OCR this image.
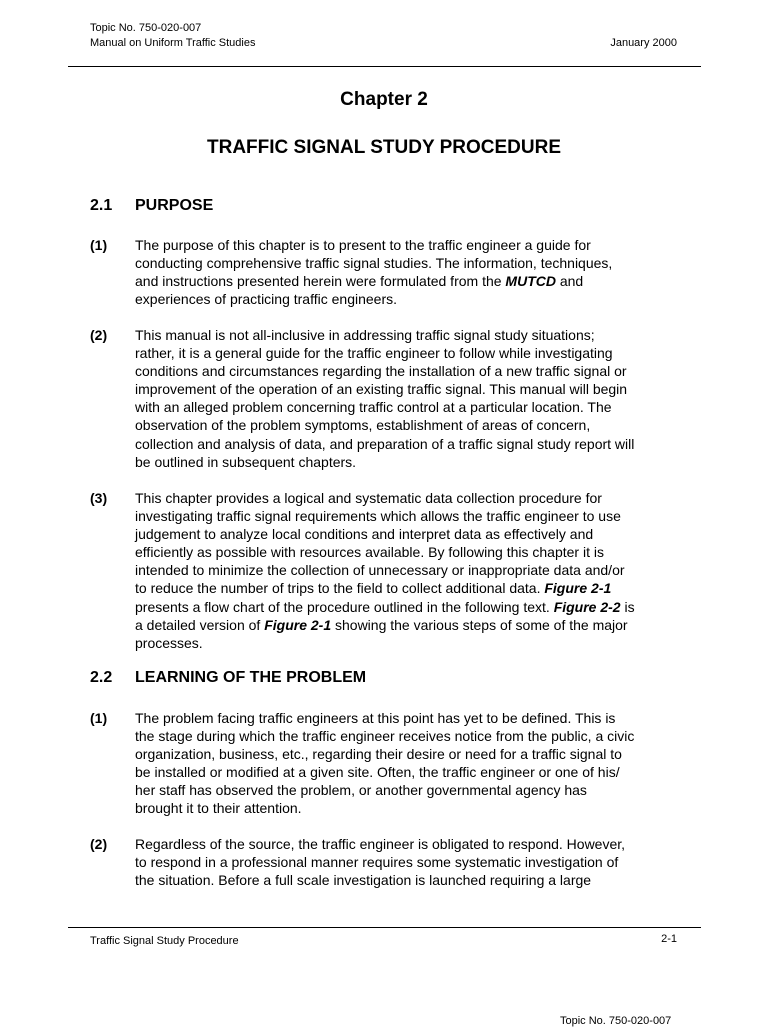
Topic No. 750-020-007
Manual on Uniform Traffic Studies	January 2000
Chapter 2
TRAFFIC SIGNAL STUDY PROCEDURE
2.1 PURPOSE
(1) The purpose of this chapter is to present to the traffic engineer a guide for
conducting comprehensive traffic signal studies. The information, techniques,
and instructions presented herein were formulated from the MUTCD and
experiences of practicing traffic engineers.
(2) This manual is not all-inclusive in addressing traffic signal study situations;
rather, it is a general guide for the traffic engineer to follow while investigating
conditions and circumstances regarding the installation of a new traffic signal or
improvement of the operation of an existing traffic signal. This manual will begin
with an alleged problem concerning traffic control at a particular location. The
observation of the problem symptoms, establishment of areas of concern,
collection and analysis of data, and preparation of a traffic signal study report will
be outlined in subsequent chapters.
(3) This chapter provides a logical and systematic data collection procedure for
investigating traffic signal requirements which allows the traffic engineer to use
judgement to analyze local conditions and interpret data as effectively and
efficiently as possible with resources available. By following this chapter it is
intended to minimize the collection of unnecessary or inappropriate data and/or
to reduce the number of trips to the field to collect additional data. Figure 2-1
presents a flow chart of the procedure outlined in the following text. Figure 2-2 is
a detailed version of Figure 2-1 showing the various steps of some of the major
processes.
2.2 LEARNING OF THE PROBLEM
(1) The problem facing traffic engineers at this point has yet to be defined. This is
the stage during which the traffic engineer receives notice from the public, a civic
organization, business, etc., regarding their desire or need for a traffic signal to
be installed or modified at a given site. Often, the traffic engineer or one of his/
her staff has observed the problem, or another governmental agency has
brought it to their attention.
(2) Regardless of the source, the traffic engineer is obligated to respond. However,
to respond in a professional manner requires some systematic investigation of
the situation. Before a full scale investigation is launched requiring a large
Traffic Signal Study Procedure	2-1
Topic No. 750-020-007
